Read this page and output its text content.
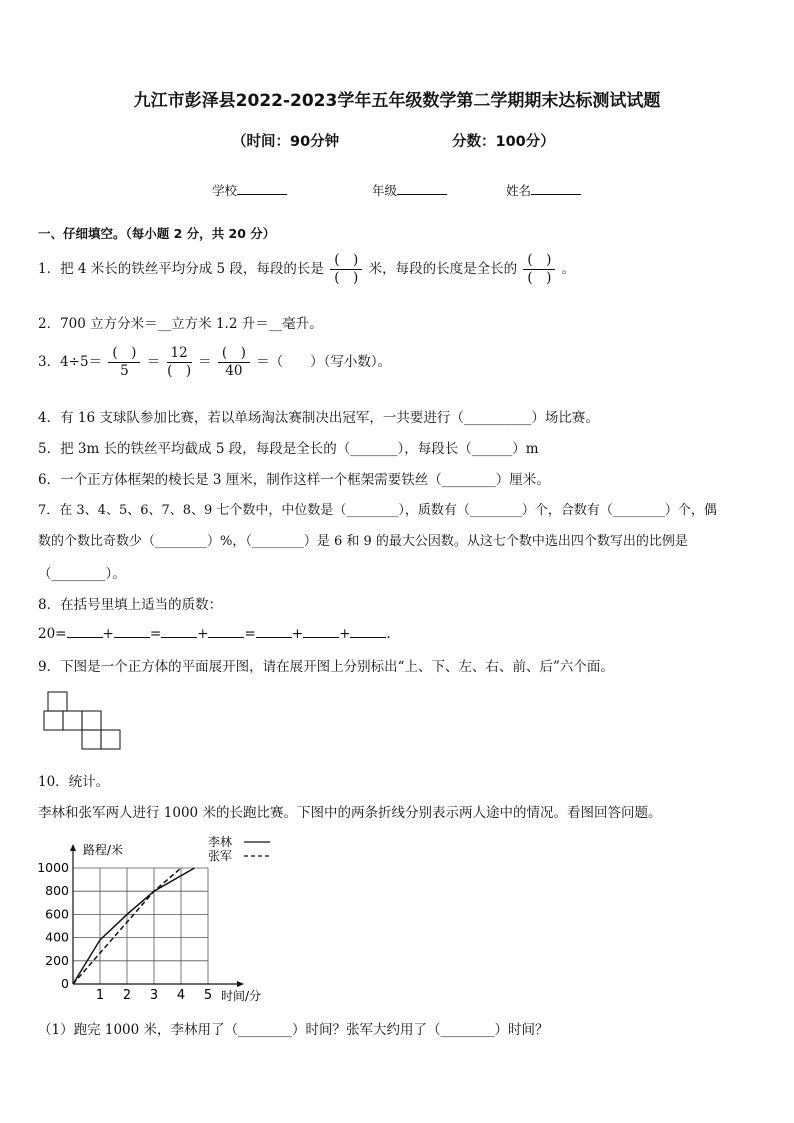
九江市彭泽县2022-2023学年五年级数学第二学期期末达标测试试题
（时间：90分钟	分数：100分）
学校	年级	姓名
一、仔细填空。（每小题 2 分，共 20 分）
1．把 4 米长的铁丝平均分成 5 段，每段的长是 $\frac{( )}{( )}$ 米，每段的长度是全长的 $\frac{( )}{( )}$ 。
2．700 立方分米＝__立方米 1.2 升＝__毫升。
3．$4\div 5= \frac{( )}{5} = \frac{12}{( )} = \frac{( )}{40}$ ＝（　　）（写小数）。
4．有 16 支球队参加比赛，若以单场淘汰赛制决出冠军，一共要进行（__________）场比赛。
5．把 3m 长的铁丝平均截成 5 段，每段是全长的（_______），每段长（______）m
6．一个正方体框架的棱长是 3 厘米，制作这样一个框架需要铁丝（________）厘米。
7．在 3、4、5、6、7、8、9 七个数中，中位数是（________），质数有（________）个，合数有（________）个，偶
数的个数比奇数少（________）%，（________）是 6 和 9 的最大公因数。从这七个数中选出四个数写出的比例是
（________）。
8．在括号里填上适当的质数：
20=	+	=	+	=	+	+	.
9．下图是一个正方体的平面展开图，请在展开图上分别标出“上、下、左、右、前、后”六个面。
10．统计。
李林和张军两人进行 1000 米的长跑比赛。下图中的两条折线分别表示两人途中的情况。看图回答问题。
1 2 3 4 5
0
200
400
600
800
1000
路程/米
时间/分
李林
张军
（1）跑完 1000 米，李林用了（________）时间？张军大约用了（________）时间？
